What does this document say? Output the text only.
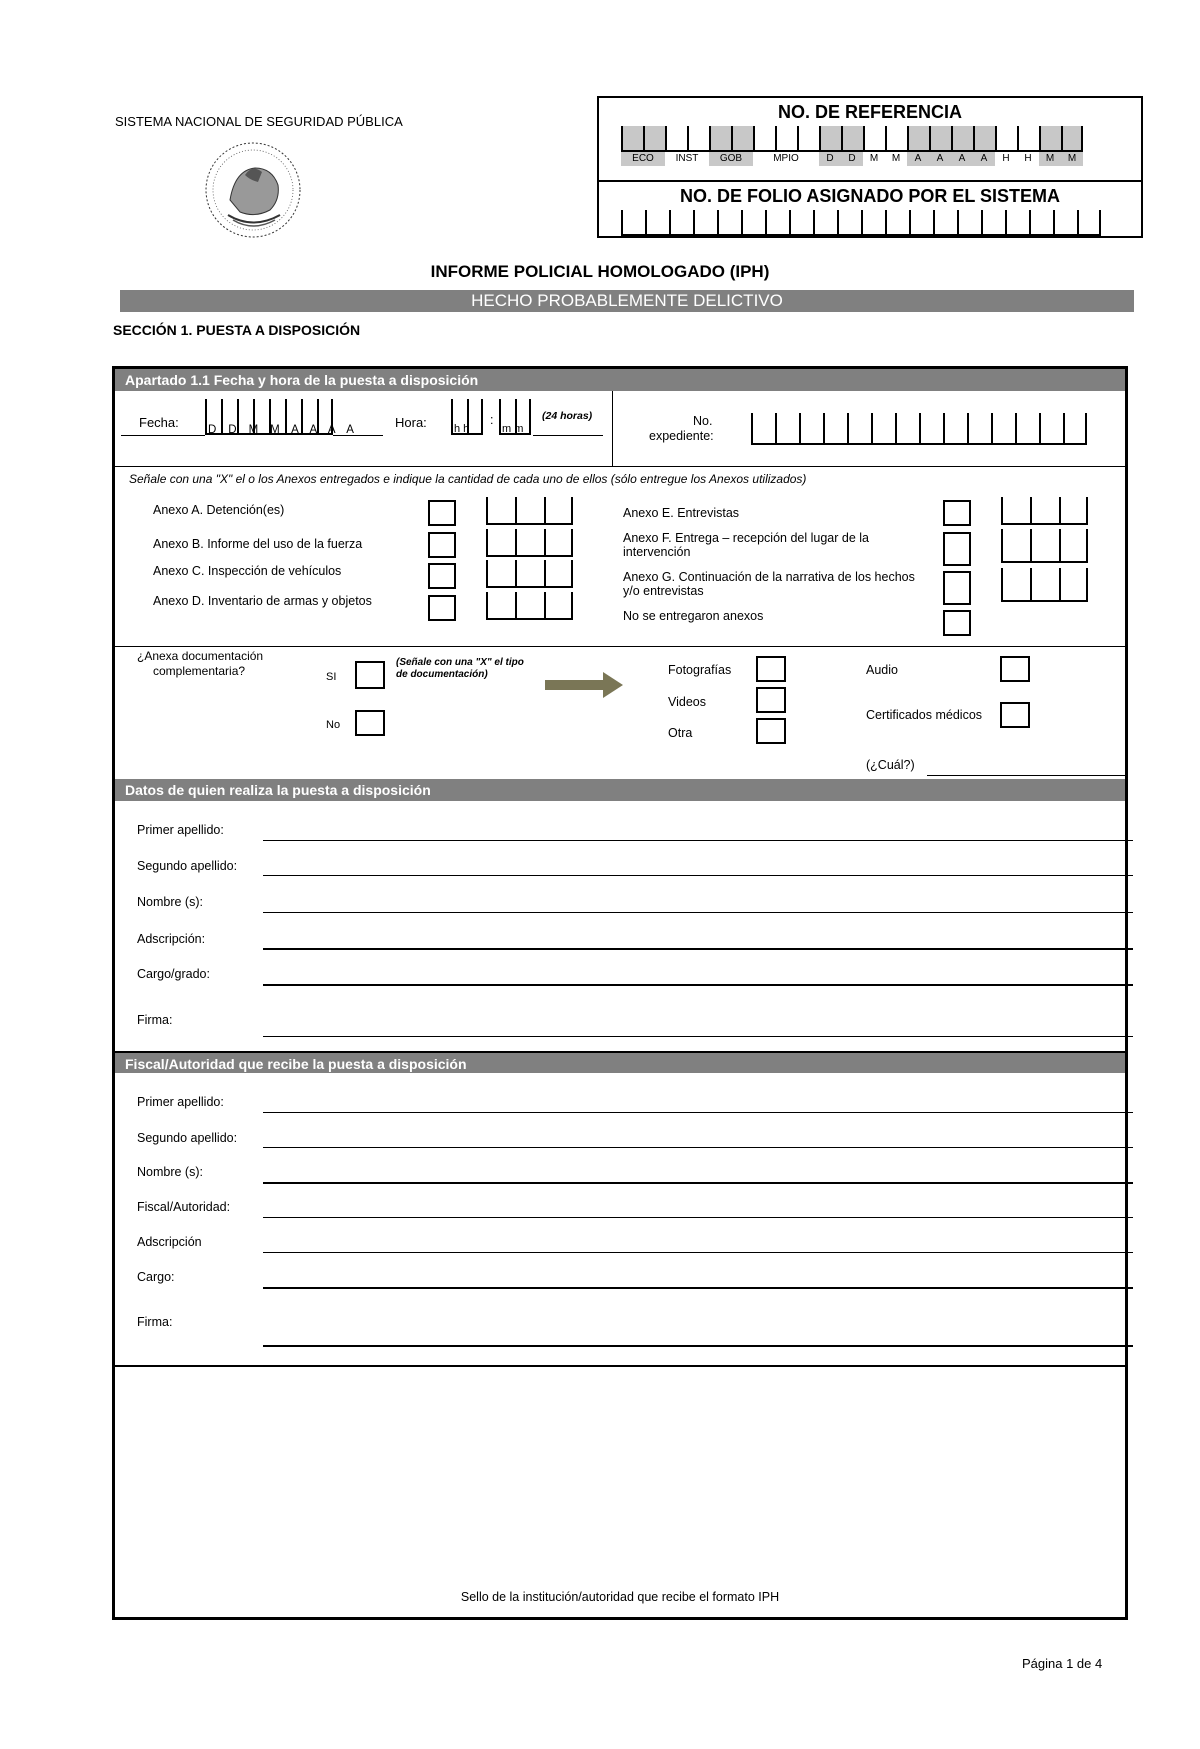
SISTEMA NACIONAL DE SEGURIDAD PÚBLICA	NO. DE REFERENCIA
ECO	INST	GOB	MPIO	D	D	M	M	A	A	A	A	H	H	M	M
NO. DE FOLIO ASIGNADO POR EL SISTEMA
INFORME POLICIAL HOMOLOGADO (IPH)
HECHO PROBABLEMENTE DELICTIVO
SECCIÓN 1. PUESTA A DISPOSICIÓN
Apartado 1.1 Fecha y hora de la puesta a disposición
Fecha:	D D M M A A A A	Hora: h h
:
m m
(24 horas)	No.
expediente:
Señale con una "X" el o los Anexos entregados e indique la cantidad de cada uno de ellos (sólo entregue los Anexos utilizados)
Anexo A. Detención(es)
Anexo B. Informe del uso de la fuerza
Anexo C. Inspección de vehículos
Anexo D. Inventario de armas y objetos
Anexo E. Entrevistas
Anexo F. Entrega – recepción del lugar de la
intervención
Anexo G. Continuación de la narrativa de los hechos
y/o entrevistas
No se entregaron anexos
¿Anexa documentación
complementaria?	SI
No
(Señale con una "X" el tipo
de documentación)	Fotografías
Videos
Otra
Audio
Certificados médicos
(¿Cuál?)
Datos de quien realiza la puesta a disposición
Primer apellido:
Segundo apellido:
Nombre (s):
Adscripción:
Cargo/grado:
Firma:
Fiscal/Autoridad que recibe la puesta a disposición
Primer apellido:
Segundo apellido:
Nombre (s):
Fiscal/Autoridad:
Adscripción
Cargo:
Firma:
Sello de la institución/autoridad que recibe el formato IPH
Página 1 de 4
